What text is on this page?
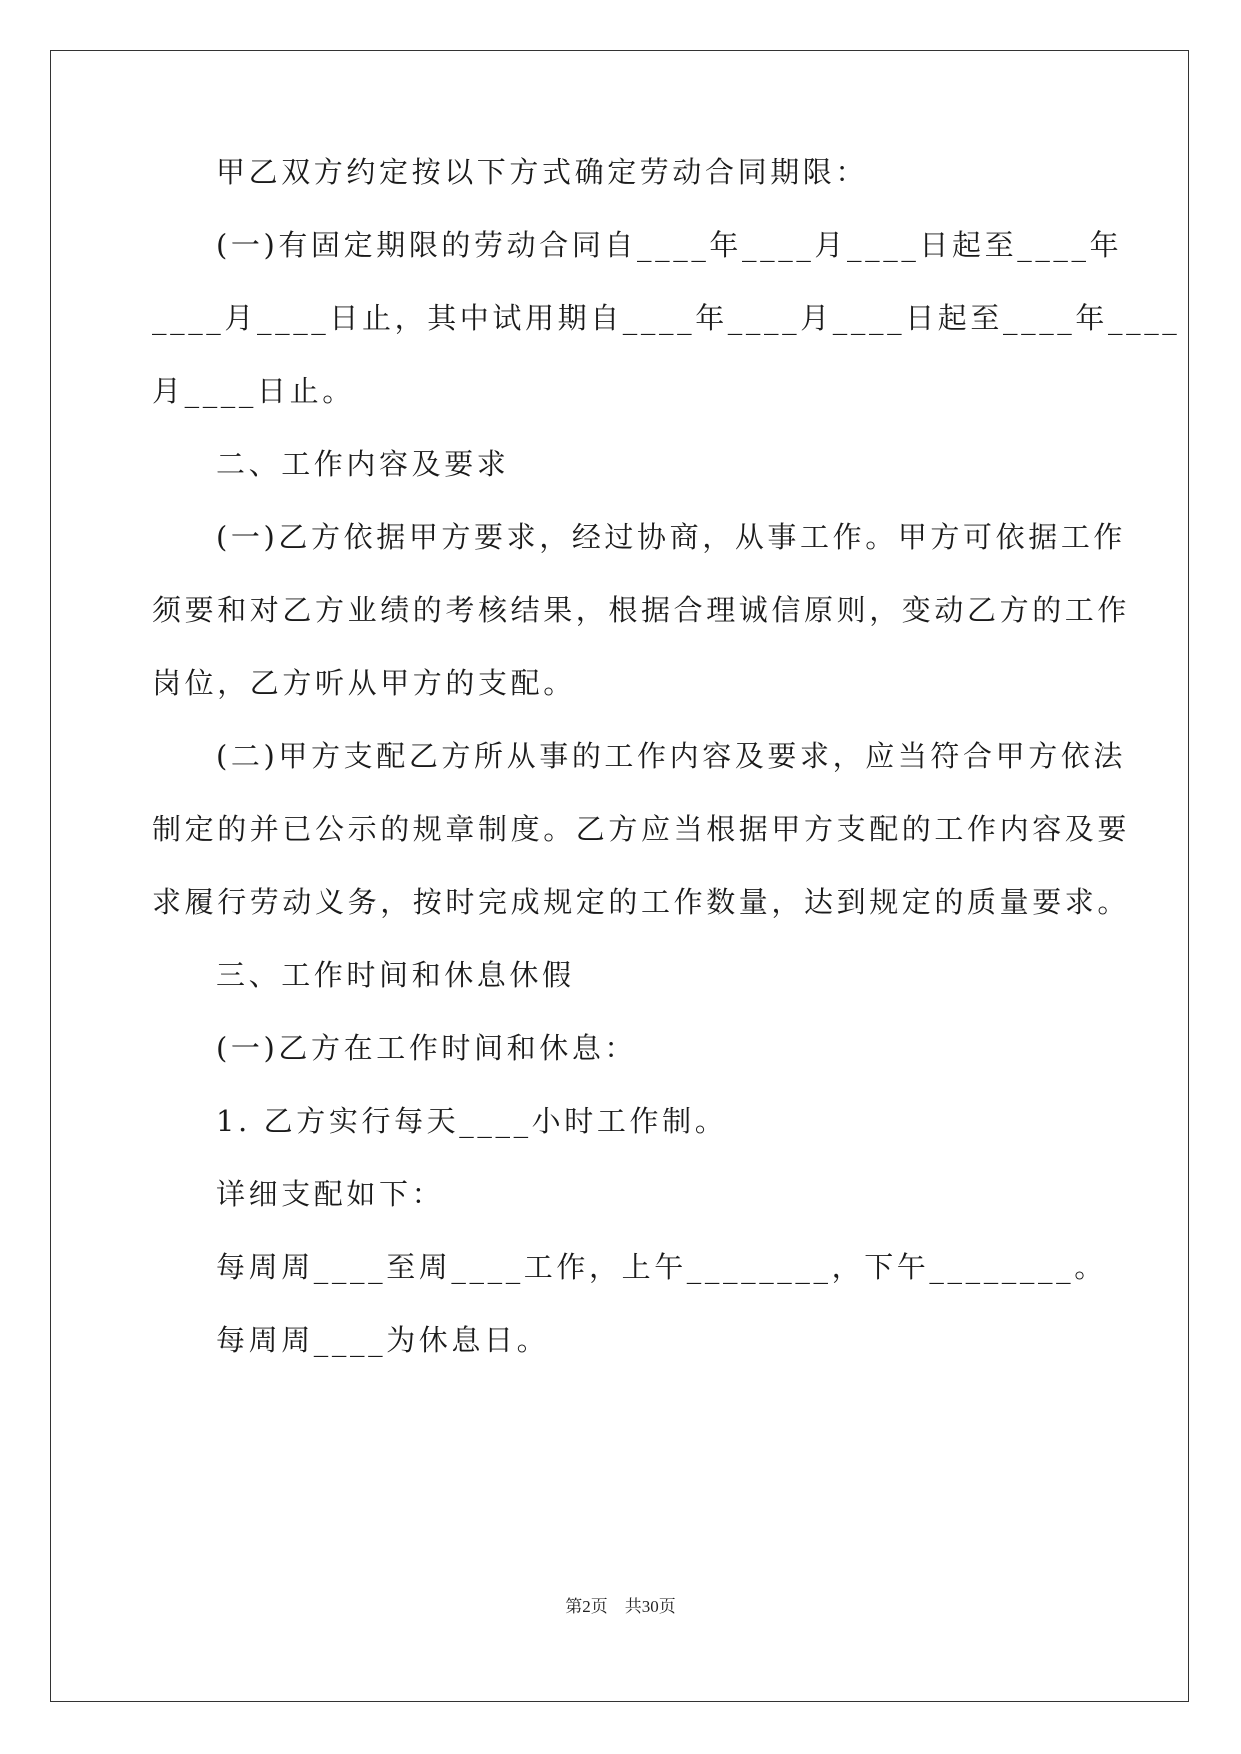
甲乙双方约定按以下方式确定劳动合同期限：
(一)有固定期限的劳动合同自____年____月____日起至____年
____月____日止，其中试用期自____年____月____日起至____年____
月____日止。
二、工作内容及要求
(一)乙方依据甲方要求，经过协商，从事工作。甲方可依据工作
须要和对乙方业绩的考核结果，根据合理诚信原则，变动乙方的工作
岗位，乙方听从甲方的支配。
(二)甲方支配乙方所从事的工作内容及要求，应当符合甲方依法
制定的并已公示的规章制度。乙方应当根据甲方支配的工作内容及要
求履行劳动义务，按时完成规定的工作数量，达到规定的质量要求。
三、工作时间和休息休假
(一)乙方在工作时间和休息：
1. 乙方实行每天____小时工作制。
详细支配如下：
每周周____至周____工作，上午________，下午________。
每周周____为休息日。
第2页　共30页
